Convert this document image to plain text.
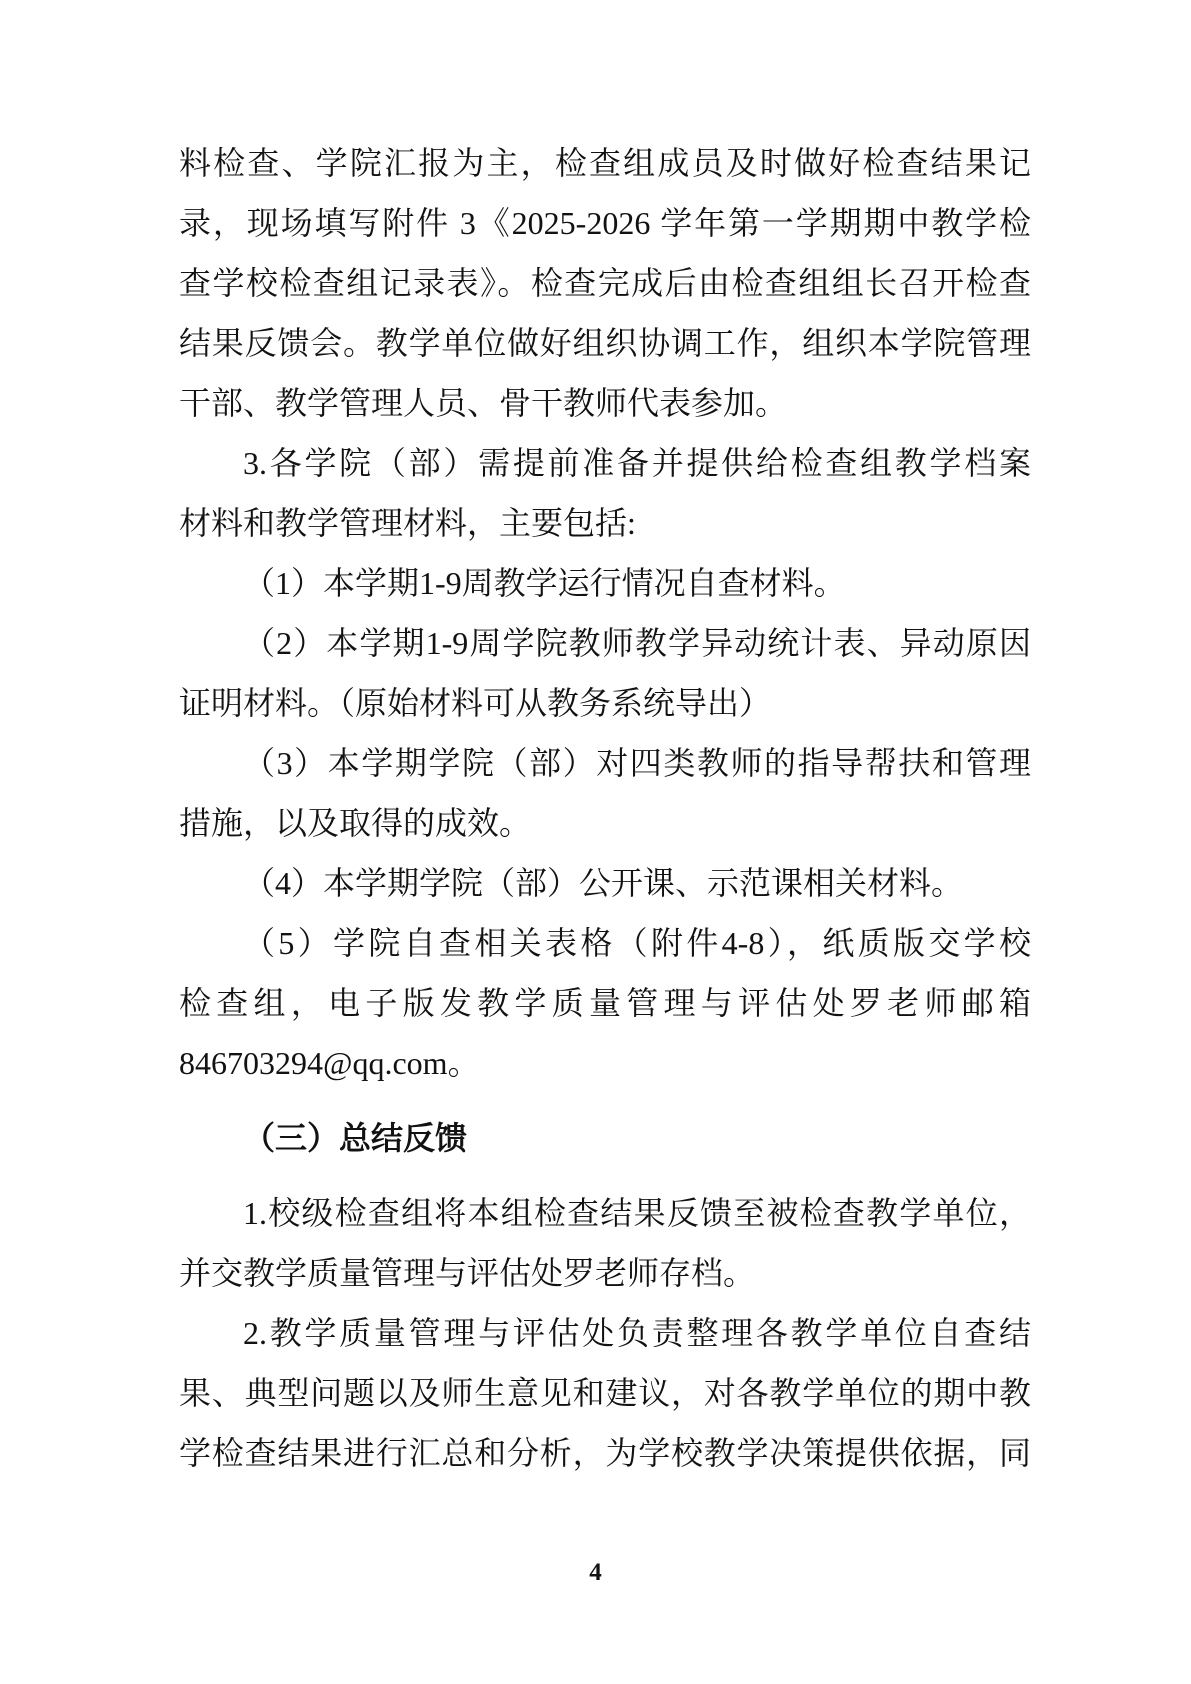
料检查、学院汇报为主，检查组成员及时做好检查结果记
录，现场填写附件 3《2025-2026 学年第一学期期中教学检
查学校检查组记录表》。检查完成后由检查组组长召开检查
结果反馈会。教学单位做好组织协调工作，组织本学院管理
干部、教学管理人员、骨干教师代表参加。
3.各学院（部）需提前准备并提供给检查组教学档案
材料和教学管理材料，主要包括:
（1）本学期1-9周教学运行情况自查材料。
（2）本学期1-9周学院教师教学异动统计表、异动原因
证明材料。（原始材料可从教务系统导出）
（3）本学期学院（部）对四类教师的指导帮扶和管理
措施，以及取得的成效。
（4）本学期学院（部）公开课、示范课相关材料。
（5）学院自查相关表格（附件4-8），纸质版交学校
检查组，电子版发教学质量管理与评估处罗老师邮箱
846703294@qq.com。
（三）总结反馈
1.校级检查组将本组检查结果反馈至被检查教学单位，
并交教学质量管理与评估处罗老师存档。
2.教学质量管理与评估处负责整理各教学单位自查结
果、典型问题以及师生意见和建议，对各教学单位的期中教
学检查结果进行汇总和分析，为学校教学决策提供依据，同
4
